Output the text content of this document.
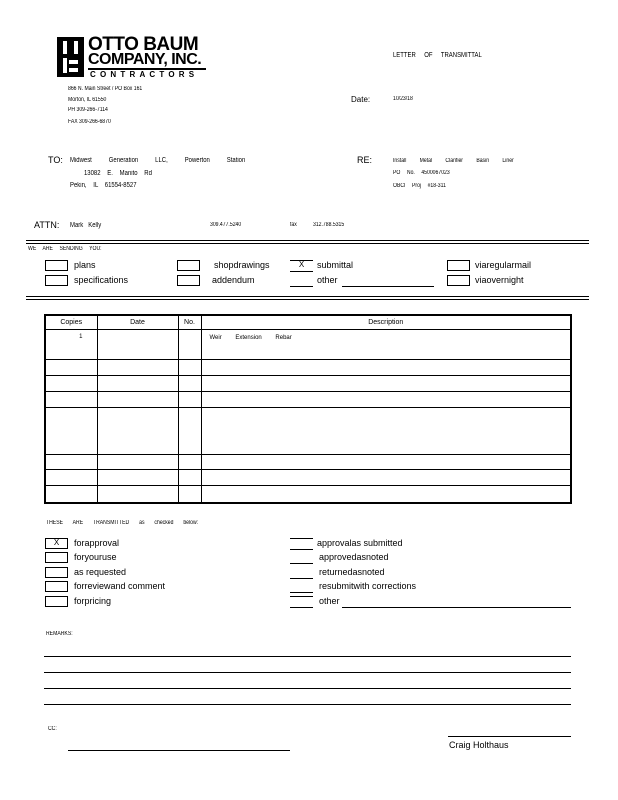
OTTO BAUM
COMPANY, INC.
CONTRACTORS
866 N. Main Street / PO Box 161
Morton, IL 61550
PH 309-266-7114
FAX 309-266-6870
LETTER OF TRANSMITTAL
Date:	10/23/18
TO: Midwest Generation LLC, Powerton Station
13082 E. Manito Rd
Pekin, IL 61554-8527
RE:	Install Metal Clarifier Basin Liner
PO No. 4500067023
OBCI Proj #18-311
ATTN: Mark Kelly	309.477.5240	fax	312.788.5315
WE ARE SENDING YOU:
plans
specifications
shopdrawings
addendum
X	submittal
other
viaregularmail
viaovernight
Copies	Date	No.	Description
1			Weir Extension Rebar

THESE ARE TRANSMITTED as checked below:
X	forapproval
foryouruse
as requested
forreviewand comment
forpricing
approvalas submitted
approvedasnoted
returnedasnoted
resubmitwith corrections
other
REMARKS:
CC:
Craig Holthaus
